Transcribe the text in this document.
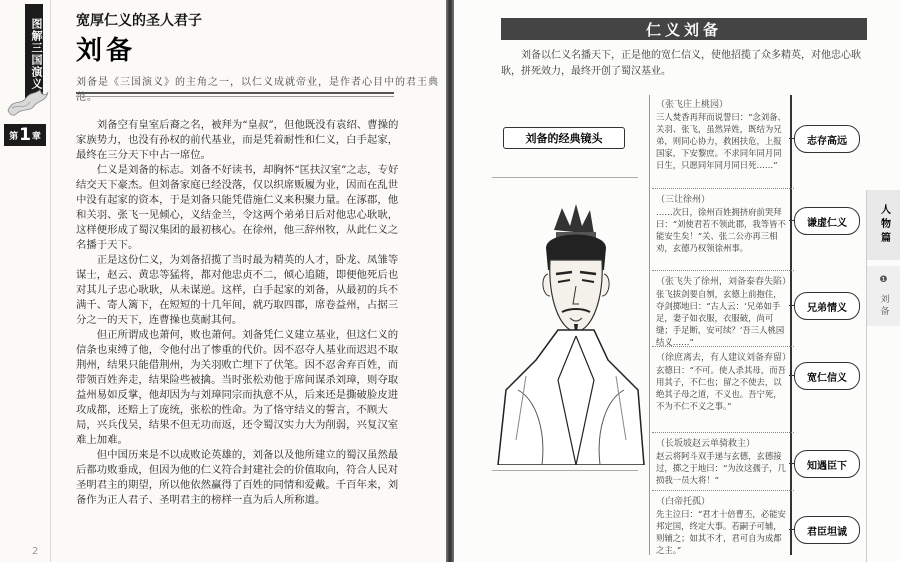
图解三国演义
第 1 章
宽厚仁义的圣人君子
刘备
刘备是《三国演义》的主角之一，以仁义成就帝业，是作者心目中的君王典范。

刘备空有皇室后裔之名，被拜为“皇叔”，但他既没有袁绍、曹操的家族势力，也没有孙权的前代基业，而是凭着耐性和仁义，白手起家，最终在三分天下中占一席位。

仁义是刘备的标志。刘备不好读书，却胸怀“匡扶汉室”之志，专好结交天下豪杰。但刘备家庭已经没落，仅以织席贩履为业，因而在乱世中没有起家的资本，于是刘备只能凭借施仁义来积聚力量。在涿郡，他和关羽、张飞一见倾心，义结金兰，令这两个弟弟日后对他忠心耿耿，这样便形成了蜀汉集团的最初核心。在徐州，他三辞州牧，从此仁义之名播于天下。

正是这份仁义，为刘备招揽了当时最为精英的人才，卧龙、凤雏等谋士，赵云、黄忠等猛将，都对他忠贞不二，倾心追随，即便他死后也对其儿子忠心耿耿，从未谋逆。这样，白手起家的刘备，从最初的兵不满千、寄人篱下，在短短的十几年间，就巧取四郡，席卷益州，占据三分之一的天下，连曹操也莫耐其何。

但正所谓成也萧何，败也萧何。刘备凭仁义建立基业，但这仁义的信条也束缚了他，令他付出了惨重的代价。因不忍夺人基业而迟迟不取荆州，结果只能借荆州，为关羽败亡埋下了伏笔。因不忍舍弃百姓，而带领百姓奔走，结果险些被擒。当时张松劝他于席间谋杀刘璋，则夺取益州易如反掌，他却因为与刘璋同宗而执意不从，后来还是撕破脸皮进攻成都，还赔上了庞统，张松的性命。为了恪守结义的誓言，不顾大局，兴兵伐吴，结果不但无功而返，还令蜀汉实力大为削弱，兴复汉室难上加难。

但中国历来是不以成败论英雄的，刘备以及他所建立的蜀汉虽然最后都功败垂成，但因为他的仁义符合封建社会的价值取向，符合人民对圣明君主的期望，所以他依然赢得了百姓的同情和爱戴。千百年来，刘备作为正人君子、圣明君主的榜样一直为后人所称道。

2
仁义刘备
刘备以仁义名播天下，正是他的宽仁信义，使他招揽了众多精英，对他忠心耿耿，拼死效力，最终开创了蜀汉基业。
刘备的经典镜头
（张飞庄上桃园）
三人焚香再拜而说誓曰：“念刘备、关羽、张飞，虽然异姓，既结为兄弟，则同心协力，救困扶危，上报国家，下安黎庶。不求同年同月同日生，只愿同年同月同日死……”
志存高远
（三让徐州）
……次日，徐州百姓拥挤府前哭拜曰：“刘使君若不领此郡，我等皆不能安生矣！”关、张二公亦再三相劝，玄德乃权领徐州事。
谦虚仁义
（张飞失了徐州，刘备泰春失陷）
张飞拔剑要自刎，玄德上前抱住，夺剑掷地曰：“古人云：‘兄弟如手足，妻子如衣服，衣服破，尚可缝；手足断，安可续？’吾三人桃园结义……”
兄弟情义
（徐庶离去，有人建议刘备弃留）
玄德曰：“不可。使人杀其母，而吾用其子，不仁也；留之不使去，以绝其子母之道，不义也。吾宁死，不为不仁不义之事。”
宽仁信义
（长坂坡赵云单骑救主）
赵云将阿斗双手递与玄德，玄德接过，掷之于地曰：“为汝这孺子，几损我一员大将！”
知遇臣下
（白帝托孤）
先主泣曰：“君才十倍曹丕，必能安邦定国，终定大事。若嗣子可辅，则辅之；如其不才，君可自为成都之主。”
君臣坦诚
人物篇
❶ 刘备
